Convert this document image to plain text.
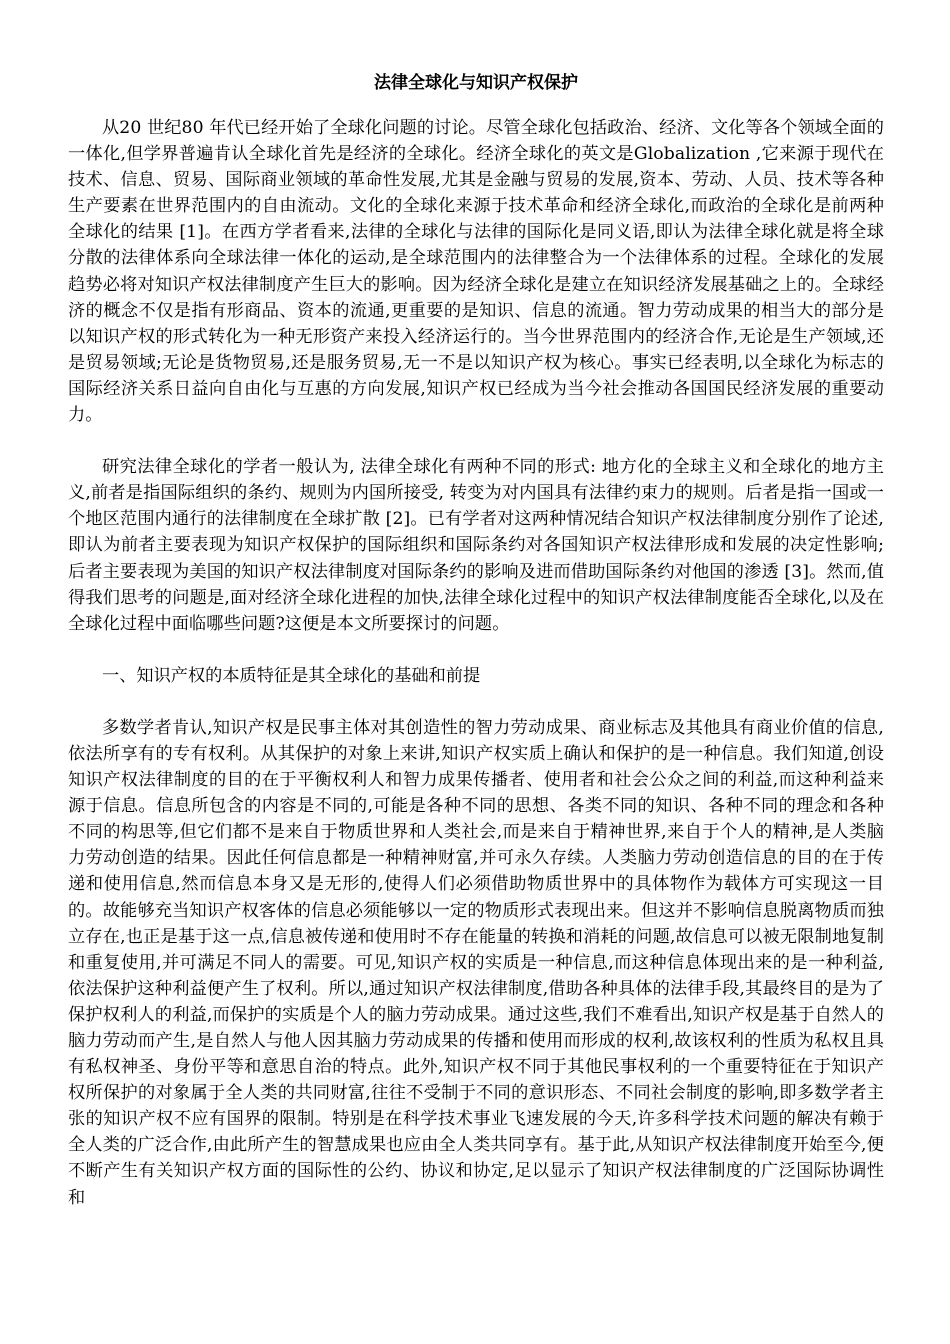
法律全球化与知识产权保护

从20 世纪80 年代已经开始了全球化问题的讨论。尽管全球化包括政治、经济、文化等各个领域全面的一体化,但学界普遍肯认全球化首先是经济的全球化。经济全球化的英文是Globalization ,它来源于现代在技术、信息、贸易、国际商业领域的革命性发展,尤其是金融与贸易的发展,资本、劳动、人员、技术等各种生产要素在世界范围内的自由流动。文化的全球化来源于技术革命和经济全球化,而政治的全球化是前两种全球化的结果 [1]。在西方学者看来,法律的全球化与法律的国际化是同义语,即认为法律全球化就是将全球分散的法律体系向全球法律一体化的运动,是全球范围内的法律整合为一个法律体系的过程。全球化的发展趋势必将对知识产权法律制度产生巨大的影响。因为经济全球化是建立在知识经济发展基础之上的。全球经济的概念不仅是指有形商品、资本的流通,更重要的是知识、信息的流通。智力劳动成果的相当大的部分是以知识产权的形式转化为一种无形资产来投入经济运行的。当今世界范围内的经济合作,无论是生产领域,还是贸易领域;无论是货物贸易,还是服务贸易,无一不是以知识产权为核心。事实已经表明,以全球化为标志的国际经济关系日益向自由化与互惠的方向发展,知识产权已经成为当今社会推动各国国民经济发展的重要动力。

研究法律全球化的学者一般认为, 法律全球化有两种不同的形式: 地方化的全球主义和全球化的地方主义,前者是指国际组织的条约、规则为内国所接受, 转变为对内国具有法律约束力的规则。后者是指一国或一个地区范围内通行的法律制度在全球扩散 [2]。已有学者对这两种情况结合知识产权法律制度分别作了论述,即认为前者主要表现为知识产权保护的国际组织和国际条约对各国知识产权法律形成和发展的决定性影响;后者主要表现为美国的知识产权法律制度对国际条约的影响及进而借助国际条约对他国的渗透 [3]。然而,值得我们思考的问题是,面对经济全球化进程的加快,法律全球化过程中的知识产权法律制度能否全球化,以及在全球化过程中面临哪些问题?这便是本文所要探讨的问题。

一、知识产权的本质特征是其全球化的基础和前提

多数学者肯认,知识产权是民事主体对其创造性的智力劳动成果、商业标志及其他具有商业价值的信息,依法所享有的专有权利。从其保护的对象上来讲,知识产权实质上确认和保护的是一种信息。我们知道,创设知识产权法律制度的目的在于平衡权利人和智力成果传播者、使用者和社会公众之间的利益,而这种利益来源于信息。信息所包含的内容是不同的,可能是各种不同的思想、各类不同的知识、各种不同的理念和各种不同的构思等,但它们都不是来自于物质世界和人类社会,而是来自于精神世界,来自于个人的精神,是人类脑力劳动创造的结果。因此任何信息都是一种精神财富,并可永久存续。人类脑力劳动创造信息的目的在于传递和使用信息,然而信息本身又是无形的,使得人们必须借助物质世界中的具体物作为载体方可实现这一目的。故能够充当知识产权客体的信息必须能够以一定的物质形式表现出来。但这并不影响信息脱离物质而独立存在,也正是基于这一点,信息被传递和使用时不存在能量的转换和消耗的问题,故信息可以被无限制地复制和重复使用,并可满足不同人的需要。可见,知识产权的实质是一种信息,而这种信息体现出来的是一种利益,依法保护这种利益便产生了权利。所以,通过知识产权法律制度,借助各种具体的法律手段,其最终目的是为了保护权利人的利益,而保护的实质是个人的脑力劳动成果。通过这些,我们不难看出,知识产权是基于自然人的脑力劳动而产生,是自然人与他人因其脑力劳动成果的传播和使用而形成的权利,故该权利的性质为私权且具有私权神圣、身份平等和意思自治的特点。此外,知识产权不同于其他民事权利的一个重要特征在于知识产权所保护的对象属于全人类的共同财富,往往不受制于不同的意识形态、不同社会制度的影响,即多数学者主张的知识产权不应有国界的限制。特别是在科学技术事业飞速发展的今天,许多科学技术问题的解决有赖于全人类的广泛合作,由此所产生的智慧成果也应由全人类共同享有。基于此,从知识产权法律制度开始至今,便不断产生有关知识产权方面的国际性的公约、协议和协定,足以显示了知识产权法律制度的广泛国际协调性和
